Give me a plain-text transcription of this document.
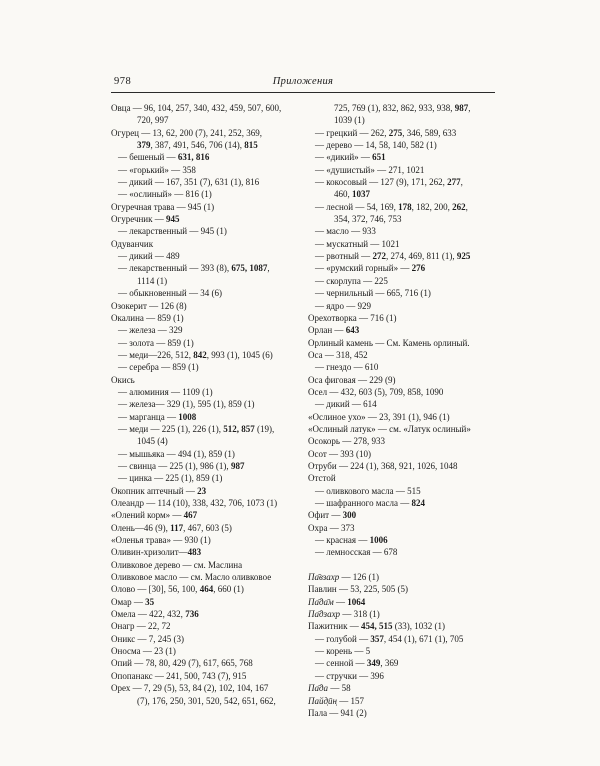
978	Приложения
Овца — 96, 104, 257, 340, 432, 459, 507, 600,
720, 997
Огурец — 13, 62, 200 (7), 241, 252, 369,
379, 387, 491, 546, 706 (14), 815
— бешеный — 631, 816
— «горький» — 358
— дикий — 167, 351 (7), 631 (1), 816
— «ослиный» — 816 (1)
Огуречная трава — 945 (1)
Огуречник — 945
— лекарственный — 945 (1)
Одуванчик
— дикий — 489
— лекарственный — 393 (8), 675, 1087,
1114 (1)
— обыкновенный — 34 (6)
Озокерит — 126 (8)
Окалина — 859 (1)
— железа — 329
— золота — 859 (1)
— меди—226, 512, 842, 993 (1), 1045 (6)
— серебра — 859 (1)
Окись
— алюминия — 1109 (1)
— железа— 329 (1), 595 (1), 859 (1)
— марганца — 1008
— меди — 225 (1), 226 (1), 512, 857 (19),
1045 (4)
— мышьяка — 494 (1), 859 (1)
— свинца — 225 (1), 986 (1), 987
— цинка — 225 (1), 859 (1)
Окопник аптечный — 23
Олеандр — 114 (10), 338, 432, 706, 1073 (1)
«Олений корм» — 467
Олень—46 (9), 117, 467, 603 (5)
«Оленья трава» — 930 (1)
Оливин-хризолит—483
Оливковое дерево — см. Маслина
Оливковое масло — см. Масло оливковое
Олово — [30], 56, 100, 464, 660 (1)
Омар — 35
Омела — 422, 432, 736
Онагр — 22, 72
Оникс — 7, 245 (3)
Оносма — 23 (1)
Опий — 78, 80, 429 (7), 617, 665, 768
Опопанакс — 241, 500, 743 (7), 915
Орех — 7, 29 (5), 53, 84 (2), 102, 104, 167
(7), 176, 250, 301, 520, 542, 651, 662,
725, 769 (1), 832, 862, 933, 938, 987,
1039 (1)
— грецкий — 262, 275, 346, 589, 633
— дерево — 14, 58, 140, 582 (1)
— «дикий» — 651
— «душистый» — 271, 1021
— кокосовый — 127 (9), 171, 262, 277,
460, 1037
— лесной — 54, 169, 178, 182, 200, 262,
354, 372, 746, 753
— масло — 933
— мускатный — 1021
— рвотный — 272, 274, 469, 811 (1), 925
— «румский горный» — 276
— скорлупа — 225
— чернильный — 665, 716 (1)
— ядро — 929
Орехотворка — 716 (1)
Орлан — 643
Орлиный камень — См. Камень орлиный.
Оса — 318, 452
— гнездо — 610
Оса фиговая — 229 (9)
Осел — 432, 603 (5), 709, 858, 1090
— дикий — 614
«Ослиное ухо» — 23, 391 (1), 946 (1)
«Ослиный латук» — см. «Латук ослиный»
Осокорь — 278, 933
Осот — 393 (10)
Отруби — 224 (1), 368, 921, 1026, 1048
Отстой
— оливкового масла — 515
— шафранного масла — 824
Офит — 300
Охра — 373
— красная — 1006
— лемносская — 678

Па̄взахр — 126 (1)
Павлин — 53, 225, 505 (5)
Па̄да̄м — 1064
Па̄дзахр — 318 (1)
Пажитник — 454, 515 (33), 1032 (1)
— голубой — 357, 454 (1), 671 (1), 705
— корень — 5
— сенной — 349, 369
— стручки — 396
Па̄да — 58
Пайд̣ӣн̣ — 157
Пала — 941 (2)
